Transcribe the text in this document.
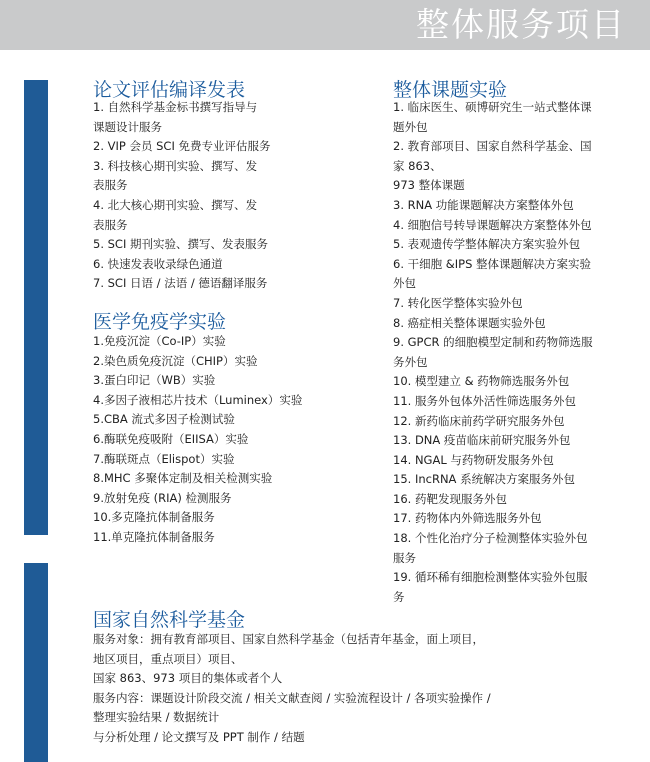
整体服务项目
论文评估编译发表
1. 自然科学基金标书撰写指导与
课题设计服务
2. VIP 会员 SCI 免费专业评估服务
3. 科技核心期刊实验、撰写、发
表服务
4. 北大核心期刊实验、撰写、发
表服务
5. SCI 期刊实验、撰写、发表服务
6. 快速发表收录绿色通道
7. SCI 日语 / 法语 / 德语翻译服务
医学免疫学实验
1.免疫沉淀（Co-IP）实验
2.染色质免疫沉淀（CHIP）实验
3.蛋白印记（WB）实验
4.多因子液相芯片技术（Luminex）实验
5.CBA 流式多因子检测试验
6.酶联免疫吸附（EIISA）实验
7.酶联斑点（Elispot）实验
8.MHC 多聚体定制及相关检测实验
9.放射免疫 (RIA) 检测服务
10.多克隆抗体制备服务
11.单克隆抗体制备服务
整体课题实验
1. 临床医生、硕博研究生一站式整体课
题外包
2. 教育部项目、国家自然科学基金、国
家 863、
973 整体课题
3. RNA 功能课题解决方案整体外包
4. 细胞信号转导课题解决方案整体外包
5. 表观遗传学整体解决方案实验外包
6. 干细胞 &IPS 整体课题解决方案实验
外包
7. 转化医学整体实验外包
8. 癌症相关整体课题实验外包
9. GPCR 的细胞模型定制和药物筛选服
务外包
10. 模型建立 & 药物筛选服务外包
11. 服务外包体外活性筛选服务外包
12. 新药临床前药学研究服务外包
13. DNA 疫苗临床前研究服务外包
14. NGAL 与药物研发服务外包
15. IncRNA 系统解决方案服务外包
16. 药靶发现服务外包
17. 药物体内外筛选服务外包
18. 个性化治疗分子检测整体实验外包
服务
19. 循环稀有细胞检测整体实验外包服
务
国家自然科学基金
服务对象：拥有教育部项目、国家自然科学基金（包括青年基金，面上项目，
地区项目，重点项目）项目、
国家 863、973 项目的集体或者个人
服务内容：课题设计阶段交流 / 相关文献查阅 / 实验流程设计 / 各项实验操作 /
整理实验结果 / 数据统计
与分析处理 / 论文撰写及 PPT 制作 / 结题
